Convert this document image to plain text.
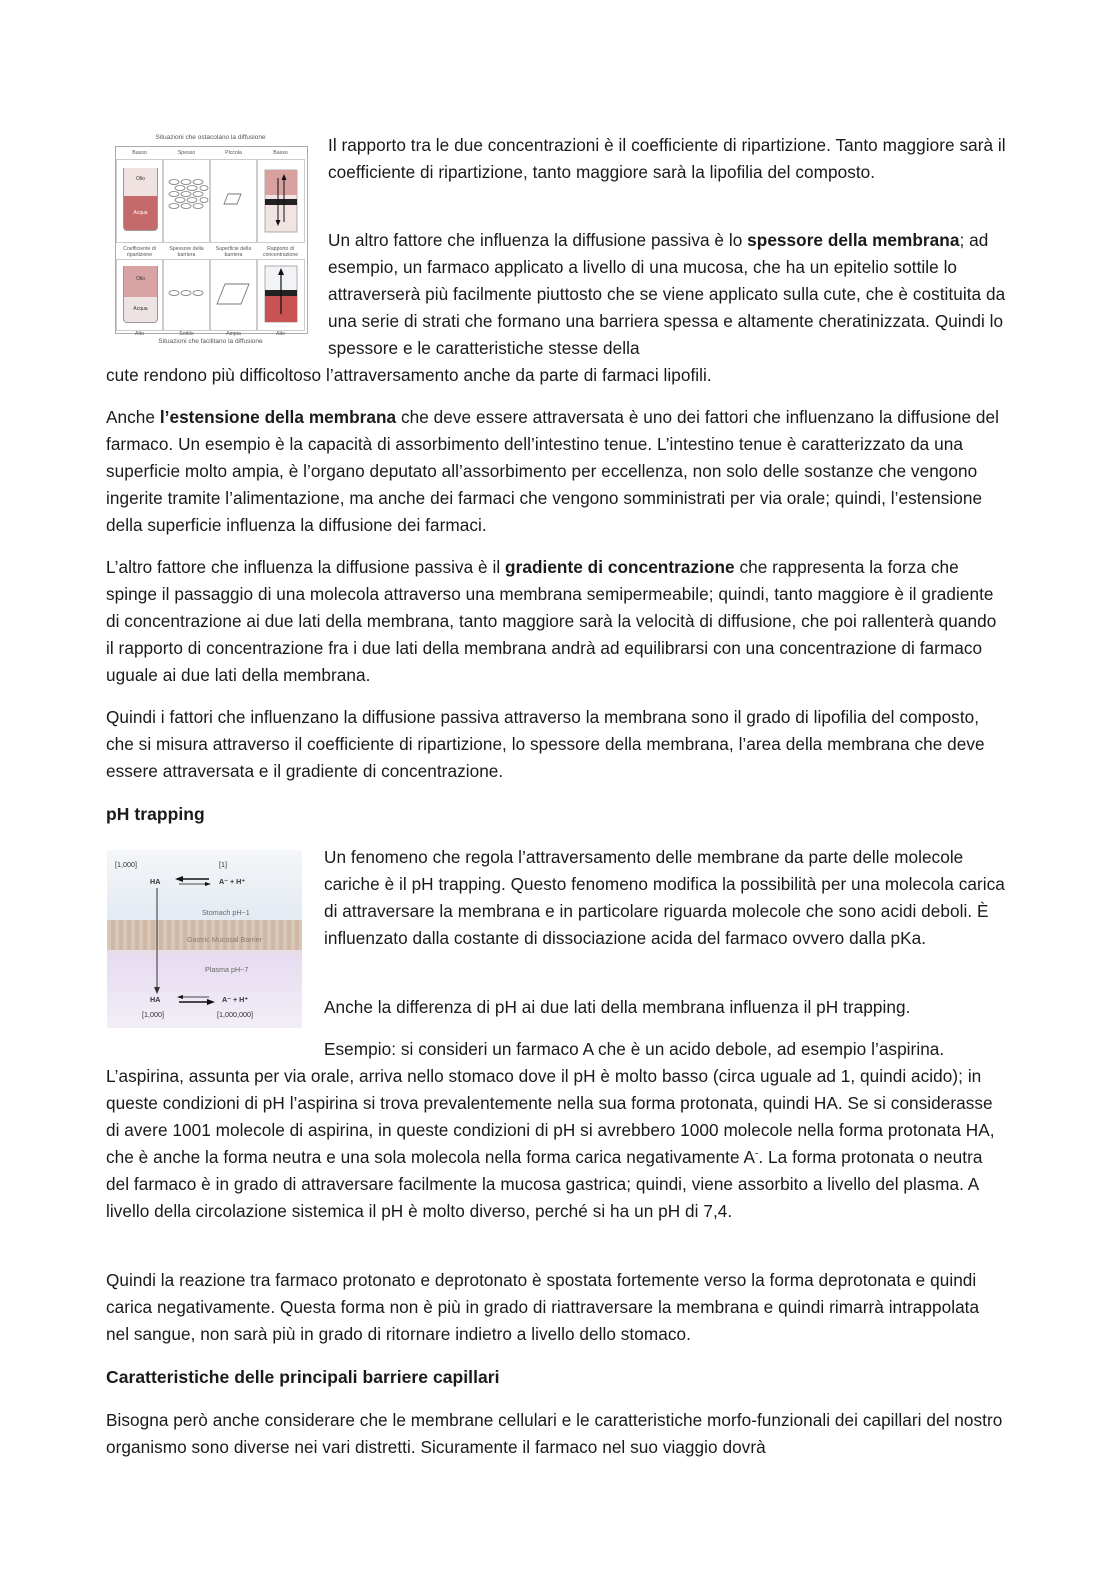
Situazioni che ostacolano la diffusione
Basso	Spesso	Piccola	Basso
Olio
Acqua
Coefficiente di ripartizione
Spessore della barriera
Superficie della barriera
Rapporto di concentrazione
Olio
Acqua
Alto	Sottile	Ampia	Alto
Situazioni che facilitano la diffusione

Il rapporto tra le due concentrazioni è il coefficiente di ripartizione. Tanto maggiore sarà il coefficiente di ripartizione, tanto maggiore sarà la lipofilia del composto.

Un altro fattore che influenza la diffusione passiva è lo spessore della membrana; ad esempio, un farmaco applicato a livello di una mucosa, che ha un epitelio sottile lo attraverserà più facilmente piuttosto che se viene applicato sulla cute, che è costituita da una serie di strati che formano una barriera spessa e altamente cheratinizzata. Quindi lo spessore e le caratteristiche stesse della

cute rendono più difficoltoso l’attraversamento anche da parte di farmaci lipofili.

Anche l’estensione della membrana che deve essere attraversata è uno dei fattori che influenzano la diffusione del farmaco. Un esempio è la capacità di assorbimento dell’intestino tenue. L’intestino tenue è caratterizzato da una superficie molto ampia, è l’organo deputato all’assorbimento per eccellenza, non solo delle sostanze che vengono ingerite tramite l’alimentazione, ma anche dei farmaci che vengono somministrati per via orale; quindi, l’estensione della superficie influenza la diffusione dei farmaci.

L’altro fattore che influenza la diffusione passiva è il gradiente di concentrazione che rappresenta la forza che spinge il passaggio di una molecola attraverso una membrana semipermeabile; quindi, tanto maggiore è il gradiente di concentrazione ai due lati della membrana, tanto maggiore sarà la velocità di diffusione, che poi rallenterà quando il rapporto di concentrazione fra i due lati della membrana andrà ad equilibrarsi con una concentrazione di farmaco uguale ai due lati della membrana.

Quindi i fattori che influenzano la diffusione passiva attraverso la membrana sono il grado di lipofilia del composto, che si misura attraverso il coefficiente di ripartizione, lo spessore della membrana, l’area della membrana che deve essere attraversata e il gradiente di concentrazione.

pH trapping

[1,000]	[1]
HA	A⁻ + H⁺
Stomach pH~1
Gastric Mucosal Barrier
Plasma pH~7
HA	A⁻ + H⁺
[1,000]	[1,000,000]

Un fenomeno che regola l’attraversamento delle membrane da parte delle molecole cariche è il pH trapping. Questo fenomeno modifica la possibilità per una molecola carica di attraversare la membrana e in particolare riguarda molecole che sono acidi deboli. È influenzato dalla costante di dissociazione acida del farmaco ovvero dalla pKa.

Anche la differenza di pH ai due lati della membrana influenza il pH trapping.

Esempio: si consideri un farmaco A che è un acido debole, ad esempio l’aspirina.

L’aspirina, assunta per via orale, arriva nello stomaco dove il pH è molto basso (circa uguale ad 1, quindi acido); in queste condizioni di pH l’aspirina si trova prevalentemente nella sua forma protonata, quindi HA. Se si considerasse di avere 1001 molecole di aspirina, in queste condizioni di pH si avrebbero 1000 molecole nella forma protonata HA, che è anche la forma neutra e una sola molecola nella forma carica negativamente A-. La forma protonata o neutra del farmaco è in grado di attraversare facilmente la mucosa gastrica; quindi, viene assorbito a livello del plasma. A livello della circolazione sistemica il pH è molto diverso, perché si ha un pH di 7,4.

Quindi la reazione tra farmaco protonato e deprotonato è spostata fortemente verso la forma deprotonata e quindi carica negativamente. Questa forma non è più in grado di riattraversare la membrana e quindi rimarrà intrappolata nel sangue, non sarà più in grado di ritornare indietro a livello dello stomaco.

Caratteristiche delle principali barriere capillari

Bisogna però anche considerare che le membrane cellulari e le caratteristiche morfo-funzionali dei capillari del nostro organismo sono diverse nei vari distretti. Sicuramente il farmaco nel suo viaggio dovrà
